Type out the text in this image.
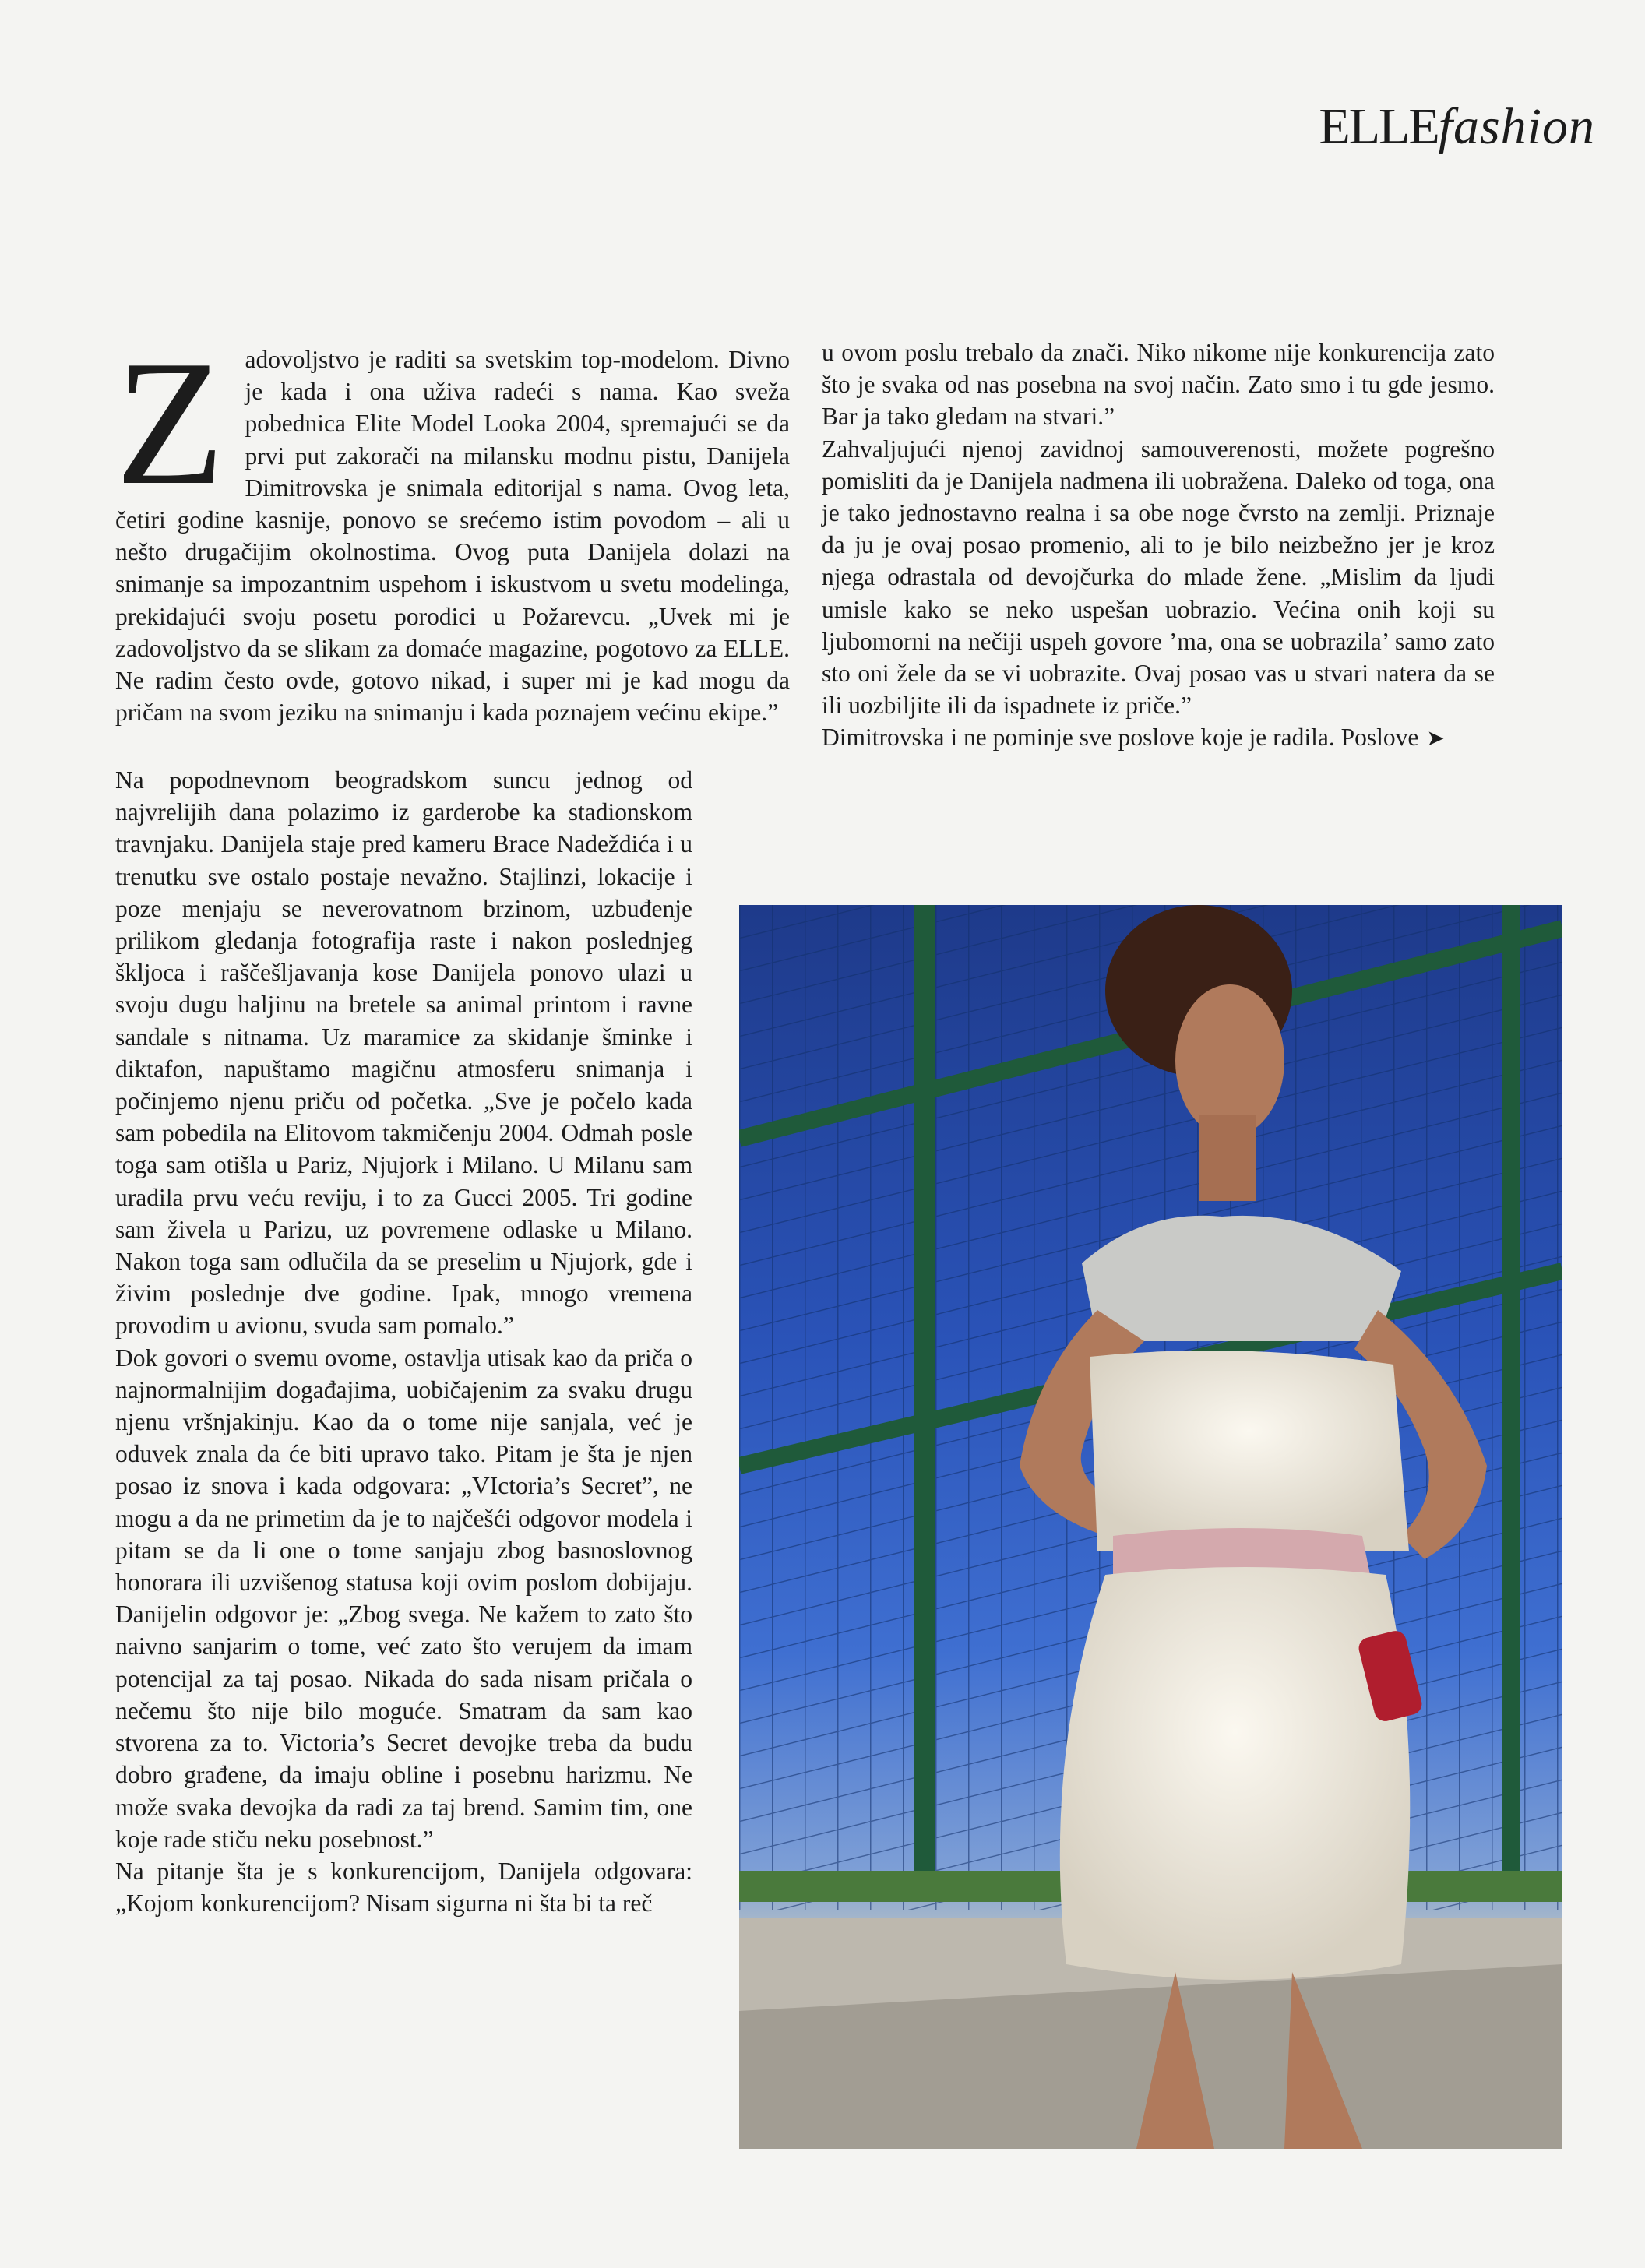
ELLEfashion
Z adovoljstvo je raditi sa svetskim top-modelom. Divno je kada i ona uživa radeći s nama. Kao sveža pobednica Elite Model Looka 2004, spremajući se da prvi put zakorači na milansku modnu pistu, Danijela Dimitrovska je snimala editorijal s nama. Ovog leta, četiri godine kasnije, ponovo se srećemo istim povodom – ali u nešto drugačijim okolnostima. Ovog puta Danijela dolazi na snimanje sa impozantnim uspehom i iskustvom u svetu modelinga, prekidajući svoju posetu porodici u Požarevcu. „Uvek mi je zadovoljstvo da se slikam za domaće magazine, pogotovo za ELLE. Ne radim često ovde, gotovo nikad, i super mi je kad mogu da pričam na svom jeziku na snimanju i kada poznajem većinu ekipe.”

Na popodnevnom beogradskom suncu jednog od najvrelijih dana polazimo iz garderobe ka stadionskom travnjaku. Danijela staje pred kameru Brace Nadeždića i u trenutku sve ostalo postaje nevažno. Stajlinzi, lokacije i poze menjaju se neverovatnom brzinom, uzbuđenje prilikom gledanja fotografija raste i nakon poslednjeg škljoca i raščešljavanja kose Danijela ponovo ulazi u svoju dugu haljinu na bretele sa animal printom i ravne sandale s nitnama. Uz maramice za skidanje šminke i diktafon, napuštamo magičnu atmosferu snimanja i počinjemo njenu priču od početka. „Sve je počelo kada sam pobedila na Elitovom takmičenju 2004. Odmah posle toga sam otišla u Pariz, Njujork i Milano. U Milanu sam uradila prvu veću reviju, i to za Gucci 2005. Tri godine sam živela u Parizu, uz povremene odlaske u Milano. Nakon toga sam odlučila da se preselim u Njujork, gde i živim poslednje dve godine. Ipak, mnogo vremena provodim u avionu, svuda sam pomalo.”

Dok govori o svemu ovome, ostavlja utisak kao da priča o najnormalnijim događajima, uobičajenim za svaku drugu njenu vršnjakinju. Kao da o tome nije sanjala, već je oduvek znala da će biti upravo tako. Pitam je šta je njen posao iz snova i kada odgovara: „VIctoria’s Secret”, ne mogu a da ne primetim da je to najčešći odgovor modela i pitam se da li one o tome sanjaju zbog basnoslovnog honorara ili uzvišenog statusa koji ovim poslom dobijaju. Danijelin odgovor je: „Zbog svega. Ne kažem to zato što naivno sanjarim o tome, već zato što verujem da imam potencijal za taj posao. Nikada do sada nisam pričala o nečemu što nije bilo moguće. Smatram da sam kao stvorena za to. Victoria’s Secret devojke treba da budu dobro građene, da imaju obline i posebnu harizmu. Ne može svaka devojka da radi za taj brend. Samim tim, one koje rade stiču neku posebnost.”

Na pitanje šta je s konkurencijom, Danijela odgovara: „Kojom konkurencijom? Nisam sigurna ni šta bi ta reč

u ovom poslu trebalo da znači. Niko nikome nije konkurencija zato što je svaka od nas posebna na svoj način. Zato smo i tu gde jesmo. Bar ja tako gledam na stvari.”

Zahvaljujući njenoj zavidnoj samouverenosti, možete pogrešno pomisliti da je Danijela nadmena ili uobražena. Daleko od toga, ona je tako jednostavno realna i sa obe noge čvrsto na zemlji. Priznaje da ju je ovaj posao promenio, ali to je bilo neizbežno jer je kroz njega odrastala od devojčurka do mlade žene. „Mislim da ljudi umisle kako se neko uspešan uobrazio. Većina onih koji su ljubomorni na nečiji uspeh govore ’ma, ona se uobrazila’ samo zato sto oni žele da se vi uobrazite. Ovaj posao vas u stvari natera da se ili uozbiljite ili da ispadnete iz priče.”

Dimitrovska i ne pominje sve poslove koje je radila. Poslove ➤
